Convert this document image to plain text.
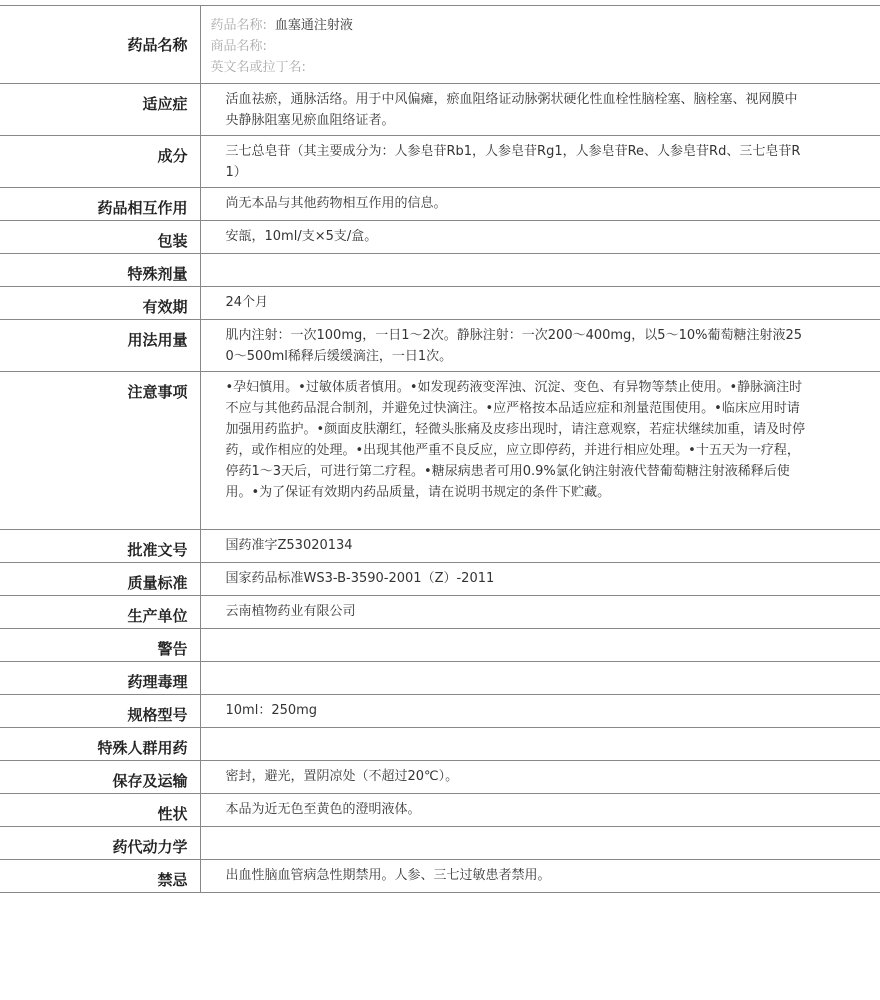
药品名称	药品名称: 血塞通注射液
商品名称:
英文名或拉丁名:

适应症	活血祛瘀，通脉活络。用于中风偏瘫，瘀血阻络证动脉粥状硬化性血栓性脑栓塞、脑栓塞、视网膜中央静脉阻塞见瘀血阻络证者。
成分	三七总皂苷（其主要成分为：人参皂苷Rb1，人参皂苷Rg1，人参皂苷Re、人参皂苷Rd、三七皂苷R1）
药品相互作用	尚无本品与其他药物相互作用的信息。
包装	安瓿，10ml/支×5支/盒。
特殊剂量	
有效期	24个月
用法用量	肌内注射：一次100mg，一日1～2次。静脉注射：一次200～400mg，以5～10%葡萄糖注射液250～500ml稀释后缓缓滴注，一日1次。
注意事项	•孕妇慎用。•过敏体质者慎用。•如发现药液变浑浊、沉淀、变色、有异物等禁止使用。•静脉滴注时不应与其他药品混合制剂，并避免过快滴注。•应严格按本品适应症和剂量范围使用。•临床应用时请加强用药监护。•颜面皮肤潮红，轻微头胀痛及皮疹出现时，请注意观察，若症状继续加重，请及时停药，或作相应的处理。•出现其他严重不良反应，应立即停药，并进行相应处理。•十五天为一疗程，停药1～3天后，可进行第二疗程。•糖尿病患者可用0.9%氯化钠注射液代替葡萄糖注射液稀释后使用。•为了保证有效期内药品质量，请在说明书规定的条件下贮藏。
批准文号	国药准字Z53020134
质量标准	国家药品标准WS3-B-3590-2001（Z）-2011
生产单位	云南植物药业有限公司
警告	
药理毒理	
规格型号	10ml：250mg
特殊人群用药	
保存及运输	密封，避光，置阴凉处（不超过20℃）。
性状	本品为近无色至黄色的澄明液体。
药代动力学	
禁忌	出血性脑血管病急性期禁用。人参、三七过敏患者禁用。
